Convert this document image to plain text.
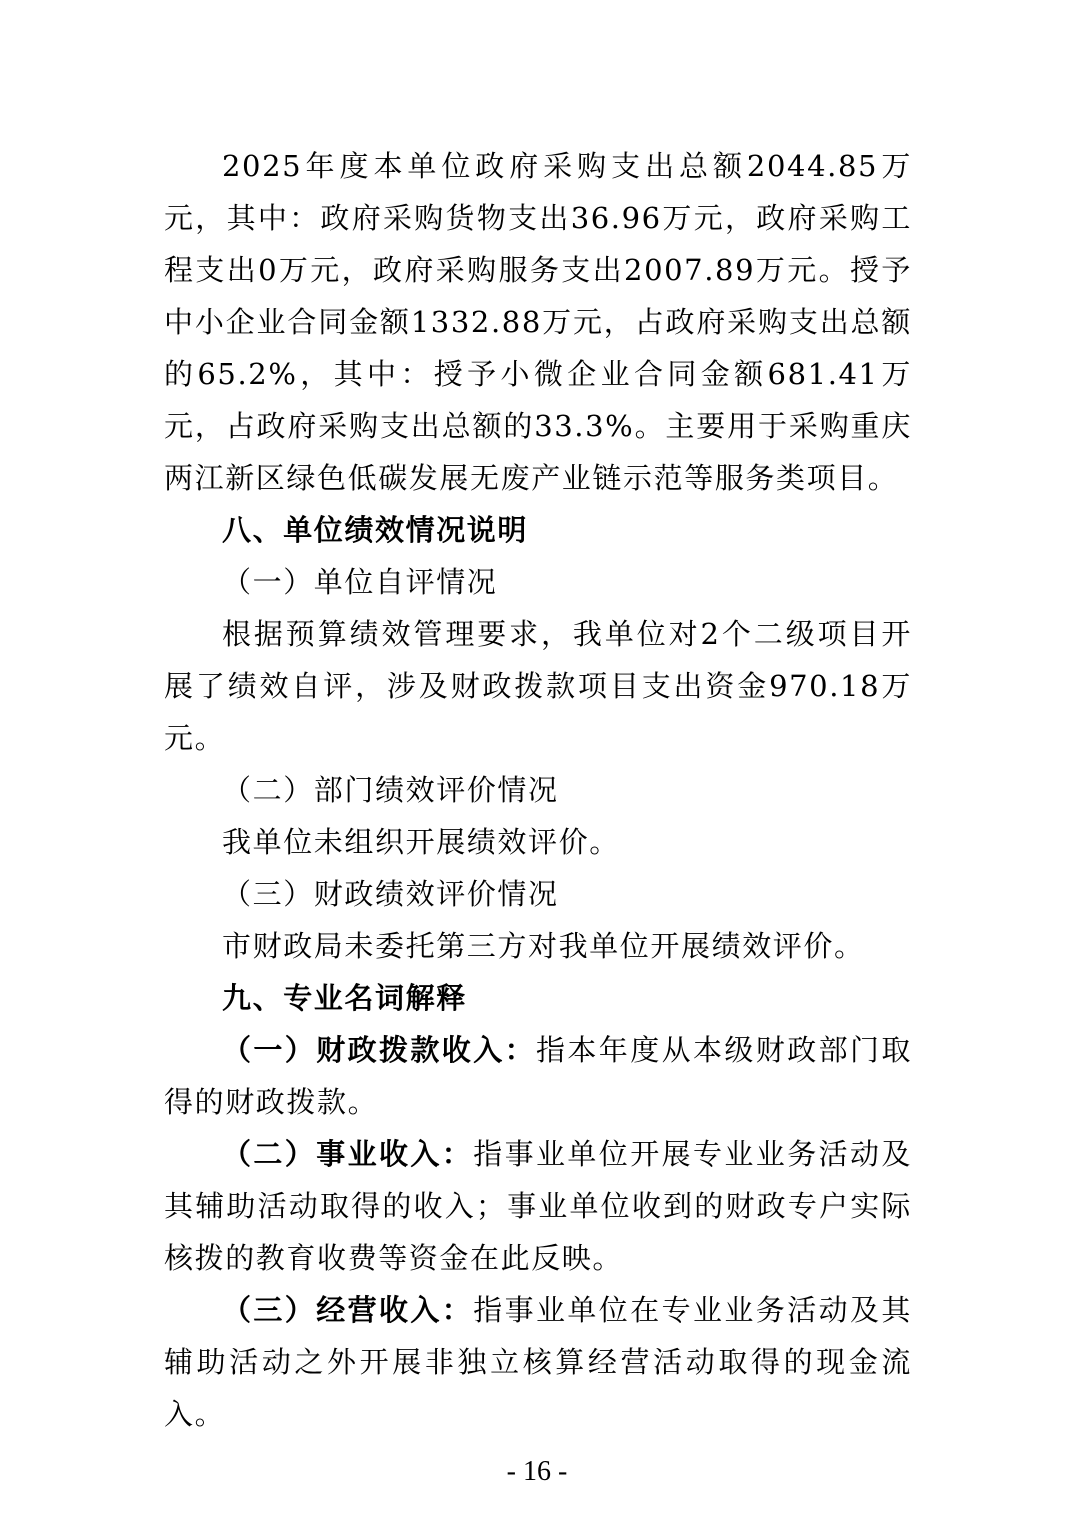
2025年度本单位政府采购支出总额2044.85万元，其中：政府采购货物支出36.96万元，政府采购工程支出0万元，政府采购服务支出2007.89万元。授予中小企业合同金额1332.88万元，占政府采购支出总额的65.2%，其中：授予小微企业合同金额681.41万元，占政府采购支出总额的33.3%。主要用于采购重庆两江新区绿色低碳发展无废产业链示范等服务类项目。

八、单位绩效情况说明

（一）单位自评情况

根据预算绩效管理要求，我单位对2个二级项目开展了绩效自评，涉及财政拨款项目支出资金970.18万元。

（二）部门绩效评价情况

我单位未组织开展绩效评价。

（三）财政绩效评价情况

市财政局未委托第三方对我单位开展绩效评价。

九、专业名词解释

（一）财政拨款收入：指本年度从本级财政部门取得的财政拨款。

（二）事业收入：指事业单位开展专业业务活动及其辅助活动取得的收入；事业单位收到的财政专户实际核拨的教育收费等资金在此反映。

（三）经营收入：指事业单位在专业业务活动及其辅助活动之外开展非独立核算经营活动取得的现金流入。

- 16 -
